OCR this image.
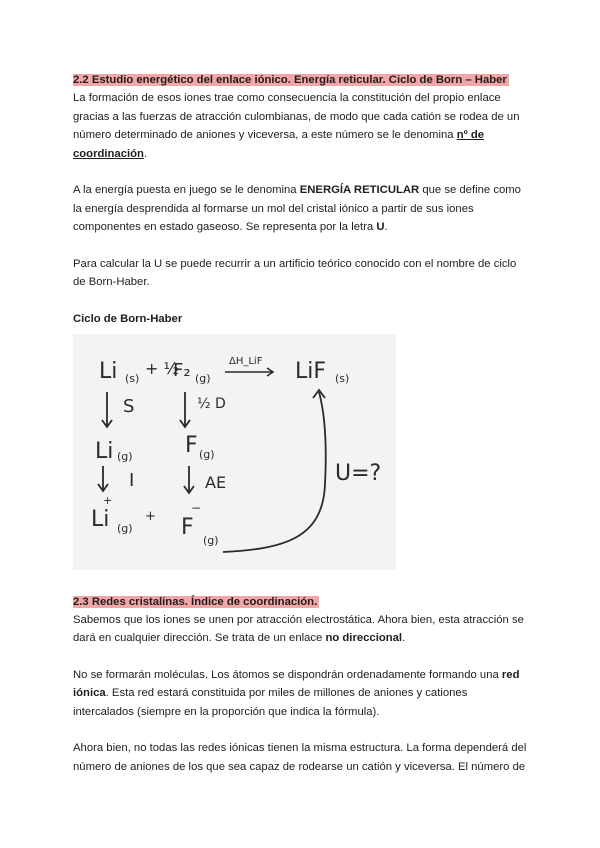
2.2 Estudio energético del enlace iónico. Energía reticular. Ciclo de Born – Haber

La formación de esos iones trae como consecuencia la constitución del propio enlace gracias a las fuerzas de atracción culombianas, de modo que cada catión se rodea de un número determinado de aniones y viceversa, a este número se le denomina nº de coordinación.

A la energía puesta en juego se le denomina ENERGÍA RETICULAR que se define como la energía desprendida al formarse un mol del cristal iónico a partir de sus iones componentes en estado gaseoso. Se representa por la letra U.

Para calcular la U se puede recurrir a un artificio teórico conocido con el nombre de ciclo de Born-Haber.

Ciclo de Born-Haber

Li (s)
+ ½
F₂ (g)
ΔH_LiF LiF (s)
S	½ D
Li (g) F (g)
I	AE
Li
+
(g)
+ F
−
(g)
U=?
2.3 Redes cristalinas. Índice de coordinación.

Sabemos que los iones se unen por atracción electrostática. Ahora bien, esta atracción se dará en cualquier dirección. Se trata de un enlace no direccional.

No se formarán moléculas. Los átomos se dispondrán ordenadamente formando una red iónica. Esta red estará constituida por miles de millones de aniones y cationes intercalados (siempre en la proporción que indica la fórmula).

Ahora bien, no todas las redes iónicas tienen la misma estructura. La forma dependerá del número de aniones de los que sea capaz de rodearse un catión y viceversa. El número de
